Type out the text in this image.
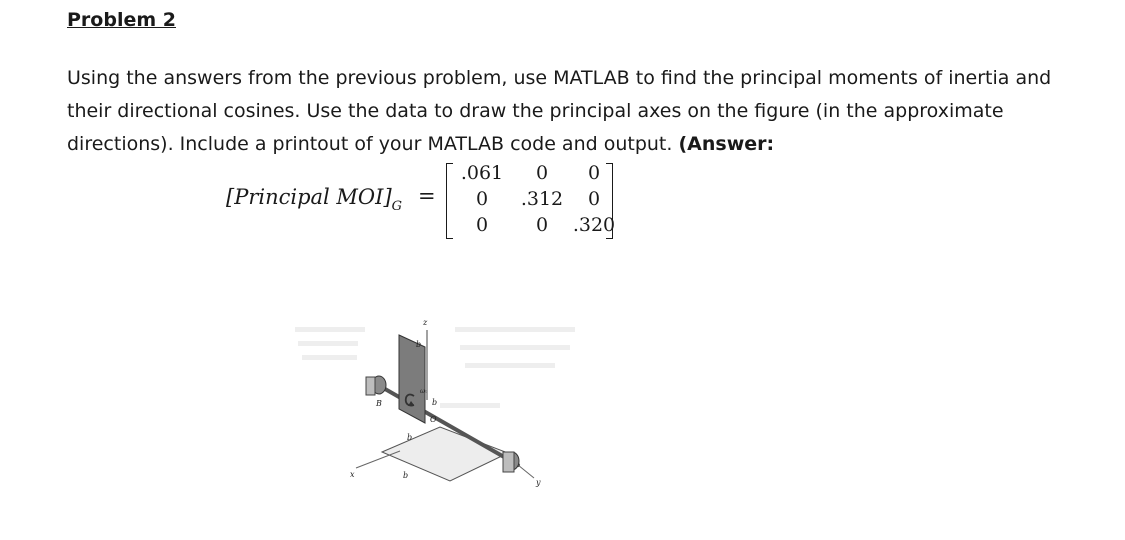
Problem 2

Using the answers from the previous problem, use MATLAB to find the principal moments of inertia and
their directional cosines. Use the data to draw the principal axes on the figure (in the approximate
directions). Include a printout of your MATLAB code and output. (Answer:

[Principal $MOI]_G$ =
.061	0	0
0	.312	0
0	0	.320
z
b
b
b
b
B
O
ω₀
x
y
